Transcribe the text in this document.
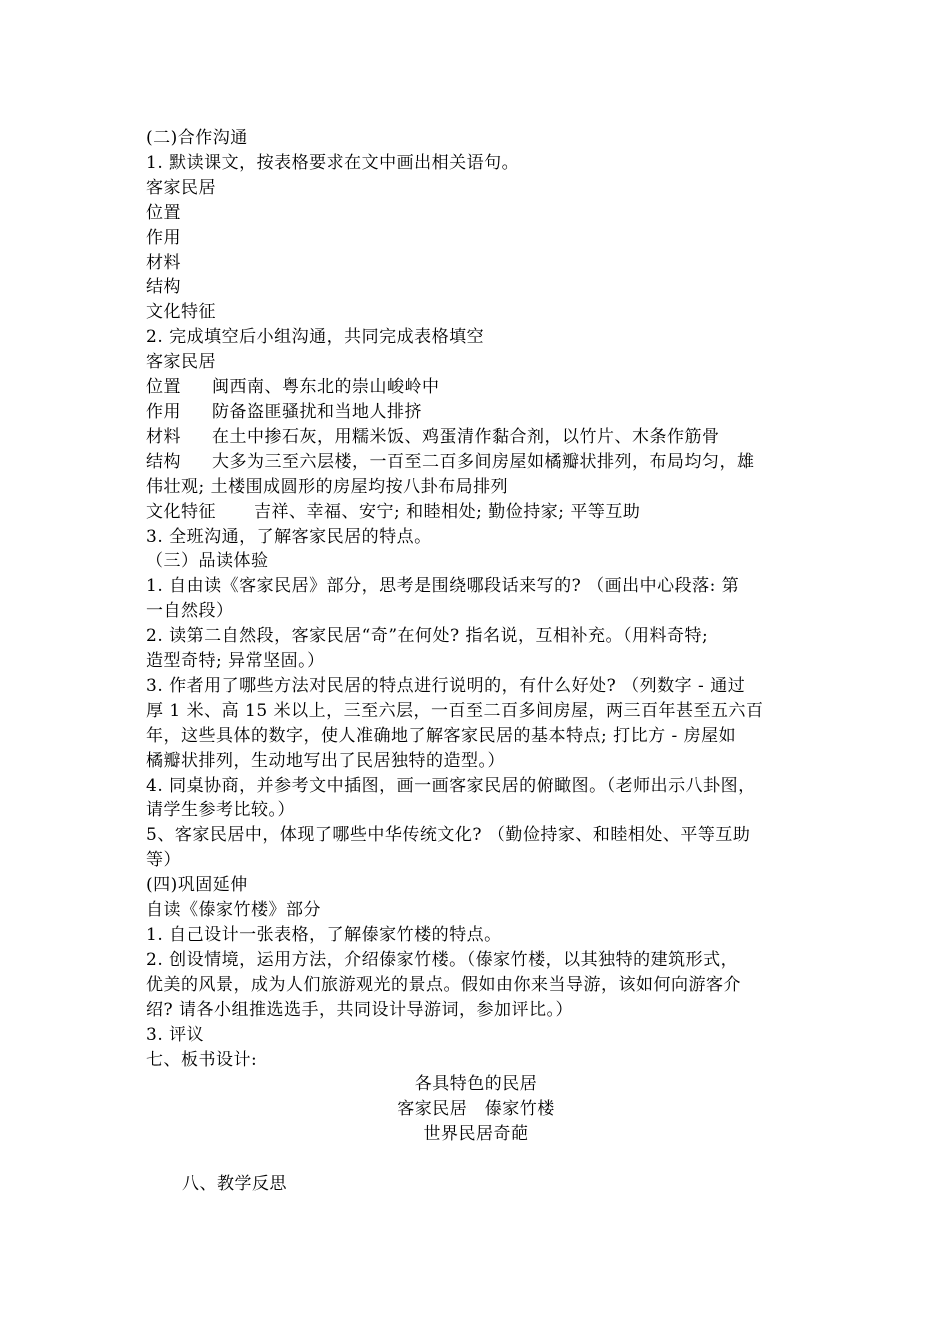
(二)合作沟通
1. 默读课文，按表格要求在文中画出相关语句。
客家民居
位置
作用
材料
结构
文化特征
2. 完成填空后小组沟通，共同完成表格填空
客家民居
位置 闽西南、粤东北的崇山峻岭中
作用 防备盗匪骚扰和当地人排挤
材料 在土中掺石灰，用糯米饭、鸡蛋清作黏合剂，以竹片、木条作筋骨
结构 大多为三至六层楼，一百至二百多间房屋如橘瓣状排列，布局均匀，雄
伟壮观; 土楼围成圆形的房屋均按八卦布局排列
文化特征 吉祥、幸福、安宁; 和睦相处; 勤俭持家; 平等互助
3. 全班沟通，了解客家民居的特点。
（三）品读体验
1. 自由读《客家民居》部分，思考是围绕哪段话来写的? （画出中心段落: 第
一自然段）
2. 读第二自然段，客家民居“奇”在何处? 指名说，互相补充。（用料奇特;
造型奇特; 异常坚固。）
3. 作者用了哪些方法对民居的特点进行说明的，有什么好处? （列数字 - 通过
厚 1 米、高 15 米以上，三至六层，一百至二百多间房屋，两三百年甚至五六百
年，这些具体的数字，使人准确地了解客家民居的基本特点; 打比方 - 房屋如
橘瓣状排列，生动地写出了民居独特的造型。）
4. 同桌协商，并参考文中插图，画一画客家民居的俯瞰图。（老师出示八卦图，
请学生参考比较。）
5、客家民居中，体现了哪些中华传统文化? （勤俭持家、和睦相处、平等互助
等）
(四)巩固延伸
自读《傣家竹楼》部分
1. 自己设计一张表格，了解傣家竹楼的特点。
2. 创设情境，运用方法，介绍傣家竹楼。（傣家竹楼，以其独特的建筑形式，
优美的风景，成为人们旅游观光的景点。假如由你来当导游，该如何向游客介
绍? 请各小组推选选手，共同设计导游词，参加评比。）
3. 评议
七、板书设计:
各具特色的民居
客家民居　傣家竹楼
世界民居奇葩
八、教学反思
